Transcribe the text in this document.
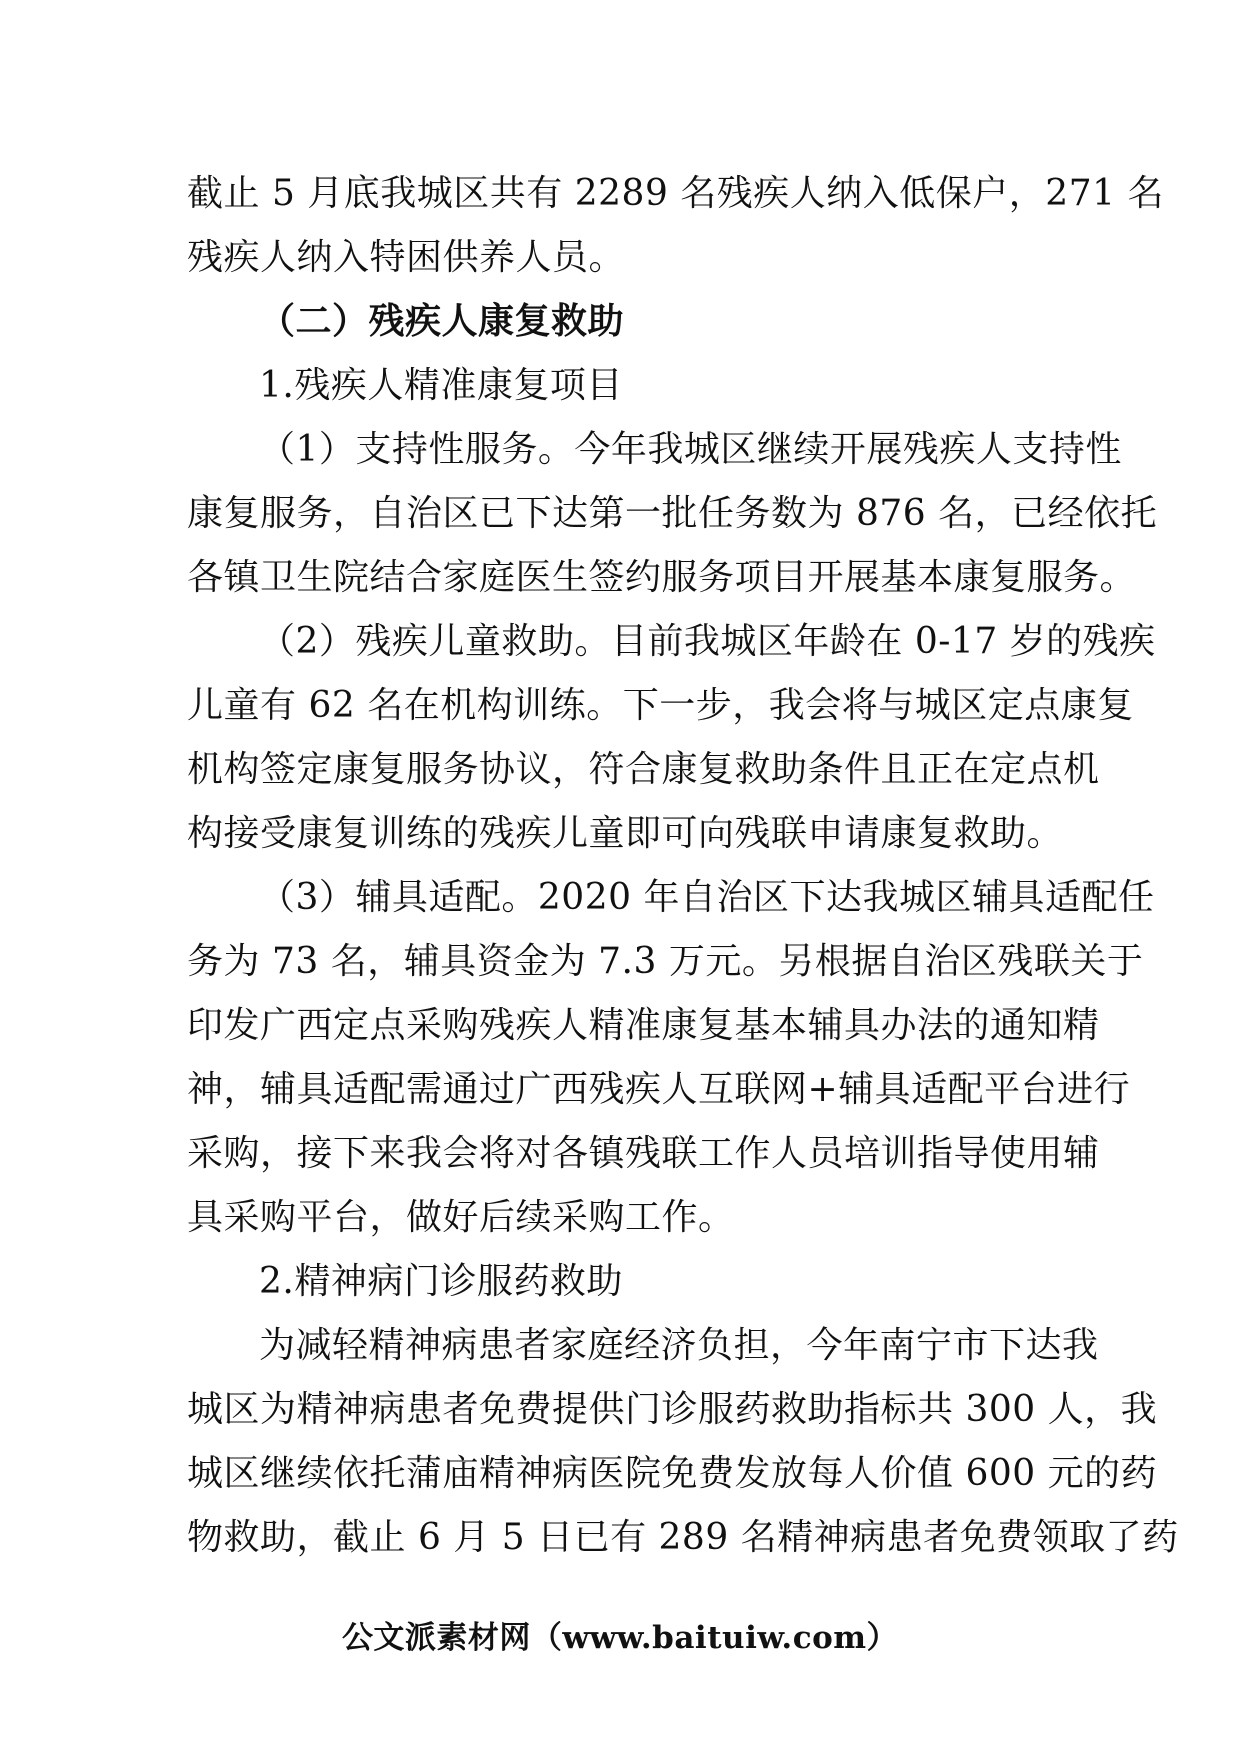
截止 5 月底我城区共有 2289 名残疾人纳入低保户，271 名
残疾人纳入特困供养人员。
（二）残疾人康复救助
1.残疾人精准康复项目
（1）支持性服务。今年我城区继续开展残疾人支持性
康复服务，自治区已下达第一批任务数为 876 名，已经依托
各镇卫生院结合家庭医生签约服务项目开展基本康复服务。
（2）残疾儿童救助。目前我城区年龄在 0-17 岁的残疾
儿童有 62 名在机构训练。下一步，我会将与城区定点康复
机构签定康复服务协议，符合康复救助条件且正在定点机
构接受康复训练的残疾儿童即可向残联申请康复救助。
（3）辅具适配。2020 年自治区下达我城区辅具适配任
务为 73 名，辅具资金为 7.3 万元。另根据自治区残联关于
印发广西定点采购残疾人精准康复基本辅具办法的通知精
神，辅具适配需通过广西残疾人互联网+辅具适配平台进行
采购，接下来我会将对各镇残联工作人员培训指导使用辅
具采购平台，做好后续采购工作。
2.精神病门诊服药救助
为减轻精神病患者家庭经济负担，今年南宁市下达我
城区为精神病患者免费提供门诊服药救助指标共 300 人，我
城区继续依托蒲庙精神病医院免费发放每人价值 600 元的药
物救助，截止 6 月 5 日已有 289 名精神病患者免费领取了药
公文派素材网（www.baituiw.com）
